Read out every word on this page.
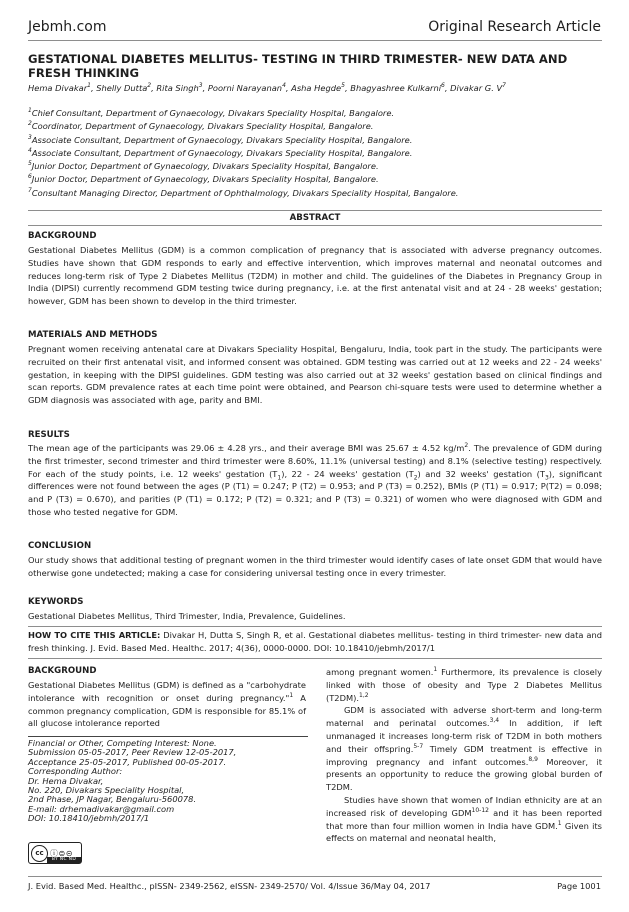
Jebmh.com	Original Research Article
GESTATIONAL DIABETES MELLITUS- TESTING IN THIRD TRIMESTER- NEW DATA AND FRESH THINKING
Hema Divakar$^1$, Shelly Dutta$^2$, Rita Singh$^3$, Poorni Narayanan$^4$, Asha Hegde$^5$, Bhagyashree Kulkarni$^6$, Divakar G. $V^7$
$^1$Chief Consultant, Department of Gynaecology, Divakars Speciality Hospital, Bangalore.
$^2$Coordinator, Department of Gynaecology, Divakars Speciality Hospital, Bangalore.
$^3$Associate Consultant, Department of Gynaecology, Divakars Speciality Hospital, Bangalore.
$^4$Associate Consultant, Department of Gynaecology, Divakars Speciality Hospital, Bangalore.
$^5$Junior Doctor, Department of Gynaecology, Divakars Speciality Hospital, Bangalore.
$^6$Junior Doctor, Department of Gynaecology, Divakars Speciality Hospital, Bangalore.
$^7$Consultant Managing Director, Department of Ophthalmology, Divakars Speciality Hospital, Bangalore.
ABSTRACT
BACKGROUND
Gestational Diabetes Mellitus (GDM) is a common complication of pregnancy that is associated with adverse pregnancy outcomes. Studies have shown that GDM responds to early and effective intervention, which improves maternal and neonatal outcomes and reduces long-term risk of Type 2 Diabetes Mellitus (T2DM) in mother and child. The guidelines of the Diabetes in Pregnancy Group in India (DIPSI) currently recommend GDM testing twice during pregnancy, i.e. at the first antenatal visit and at 24 - 28 weeks' gestation; however, GDM has been shown to develop in the third trimester.
MATERIALS AND METHODS
Pregnant women receiving antenatal care at Divakars Speciality Hospital, Bengaluru, India, took part in the study. The participants were recruited on their first antenatal visit, and informed consent was obtained. GDM testing was carried out at 12 weeks and 22 - 24 weeks' gestation, in keeping with the DIPSI guidelines. GDM testing was also carried out at 32 weeks' gestation based on clinical findings and scan reports. GDM prevalence rates at each time point were obtained, and Pearson chi-square tests were used to determine whether a GDM diagnosis was associated with age, parity and BMI.
RESULTS
The mean age of the participants was 29.06 ± 4.28 yrs., and their average BMI was 25.67 ± 4.52 $kg/m^2$. The prevalence of GDM during the first trimester, second trimester and third trimester were 8.60%, 11.1% (universal testing) and 8.1% (selective testing) respectively. For each of the study points, i.e. 12 weeks' gestation $(T_1)$, 22 - 24 weeks' gestation $(T_2)$ and 32 weeks' gestation $(T_3)$, significant differences were not found between the ages (P (T1) = 0.247; P (T2) = 0.953; and P (T3) = 0.252), BMIs (P (T1) = 0.917; P(T2) = 0.098; and P (T3) = 0.670), and parities (P (T1) = 0.172; P (T2) = 0.321; and P (T3) = 0.321) of women who were diagnosed with GDM and those who tested negative for GDM.
CONCLUSION
Our study shows that additional testing of pregnant women in the third trimester would identify cases of late onset GDM that would have otherwise gone undetected; making a case for considering universal testing once in every trimester.
KEYWORDS
Gestational Diabetes Mellitus, Third Trimester, India, Prevalence, Guidelines.
HOW TO CITE THIS ARTICLE: Divakar H, Dutta S, Singh R, et al. Gestational diabetes mellitus- testing in third trimester- new data and fresh thinking. J. Evid. Based Med. Healthc. 2017; 4(36), 0000-0000. DOI: 10.18410/jebmh/2017/1
BACKGROUND
Gestational Diabetes Mellitus (GDM) is defined as a "carbohydrate intolerance with recognition or onset during pregnancy."$^1$ A common pregnancy complication, GDM is responsible for 85.1% of all glucose intolerance reported
Financial or Other, Competing Interest: None.
Submission 05-05-2017, Peer Review 12-05-2017,
Acceptance 25-05-2017, Published 00-05-2017.
Corresponding Author:
Dr. Hema Divakar,
No. 220, Divakars Speciality Hospital,
2nd Phase, JP Nagar, Bengaluru-560078.
E-mail: drhemadivakar@gmail.com
DOI: 10.18410/jebmh/2017/1
cc ⓘ⊜⊝
BY NC ND
among pregnant women.$^1$ Furthermore, its prevalence is closely linked with those of obesity and Type 2 Diabetes Mellitus (T2DM).$^{1,2}$
GDM is associated with adverse short-term and long-term maternal and perinatal outcomes.$^{3,4}$ In addition, if left unmanaged it increases long-term risk of T2DM in both mothers and their offspring.$^{5-7}$ Timely GDM treatment is effective in improving pregnancy and infant outcomes.$^{8,9}$ Moreover, it presents an opportunity to reduce the growing global burden of T2DM.
Studies have shown that women of Indian ethnicity are at an increased risk of developing GDM$^{10-12}$ and it has been reported that more than four million women in India have GDM.$^1$ Given its effects on maternal and neonatal health,
J. Evid. Based Med. Healthc., pISSN- 2349-2562, eISSN- 2349-2570/ Vol. 4/Issue 36/May 04, 2017	Page 1001
